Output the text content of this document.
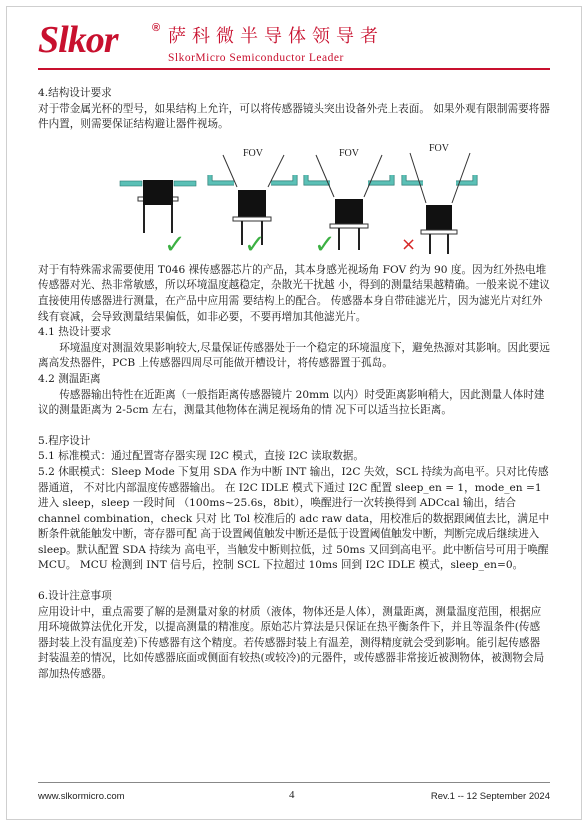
Slkor	® 萨科微半导体领导者
SlkorMicro Semiconductor Leader

4.结构设计要求

对于带金属光杯的型号，如果结构上允许，可以将传感器镜头突出设备外壳上表面。 如果外观有限制需要将器件内置，则需要保证结构避让器件视场。

FOV	FOV	FOV
✓ ✓ ✓	×

对于有特殊需求需要使用 T046 裸传感器芯片的产品，其本身感光视场角 FOV 约为 90 度。因为红外热电堆传感器对光、热非常敏感，所以环境温度越稳定，杂散光干扰越 小，得到的测量结果越精确。一般来说不建议直接使用传感器进行测量，在产品中应用需 要结构上的配合。 传感器本身自带硅滤光片，因为滤光片对红外线有衰减，会导致测量结果偏低，如非必要，不要再增加其他滤光片。

4.1 热设计要求

环境温度对测温效果影响较大,尽量保证传感器处于一个稳定的环境温度下，避免热源对其影响。因此要远离高发热器件，PCB 上传感器四周尽可能做开槽设计，将传感器置于孤岛。

4.2 测温距离

传感器输出特性在近距离（一般指距离传感器镜片 20mm 以内）时受距离影响稍大，因此测量人体时建议的测量距离为 2-5cm 左右，测量其他物体在满足视场角的情 况下可以适当拉长距离。

5.程序设计

5.1 标准模式：通过配置寄存器实现 I2C 模式，直接 I2C 读取数据。

5.2 休眠模式：Sleep Mode 下复用 SDA 作为中断 INT 输出，I2C 失效，SCL 持续为高电平。只对比传感器通道， 不对比内部温度传感器输出。 在 I2C IDLE 模式下通过 I2C 配置 sleep_en = 1，mode_en =1 进入 sleep，sleep 一段时间 （100ms~25.6s，8bit），唤醒进行一次转换得到 ADCcal 输出，结合 channel combination，check 只对 比 Tol 校准后的 adc raw data，用校准后的数据跟阈值去比，满足中断条件就能触发中断，寄存器可配 高于设置阈值触发中断还是低于设置阈值触发中断，判断完成后继续进入 sleep。默认配置 SDA 持续为 高电平，当触发中断则拉低，过 50ms 又回到高电平。此中断信号可用于唤醒 MCU。 MCU 检测到 INT 信号后，控制 SCL 下拉超过 10ms 回到 I2C IDLE 模式，sleep_en=0。

6.设计注意事项

应用设计中，重点需要了解的是测量对象的材质（液体，物体还是人体），测量距离，测量温度范围，根据应用环境做算法优化开发，以提高测量的精准度。原始芯片算法是只保证在热平衡条件下，并且等温条件(传感器封装上没有温度差)下传感器有这个精度。若传感器封装上有温差，测得精度就会受到影响。能引起传感器封装温差的情况，比如传感器底面或侧面有较热(或较冷)的元器件，或传感器非常接近被测物体，被测物会局部加热传感器。

www.slkormicro.com	4	Rev.1 -- 12 September 2024
